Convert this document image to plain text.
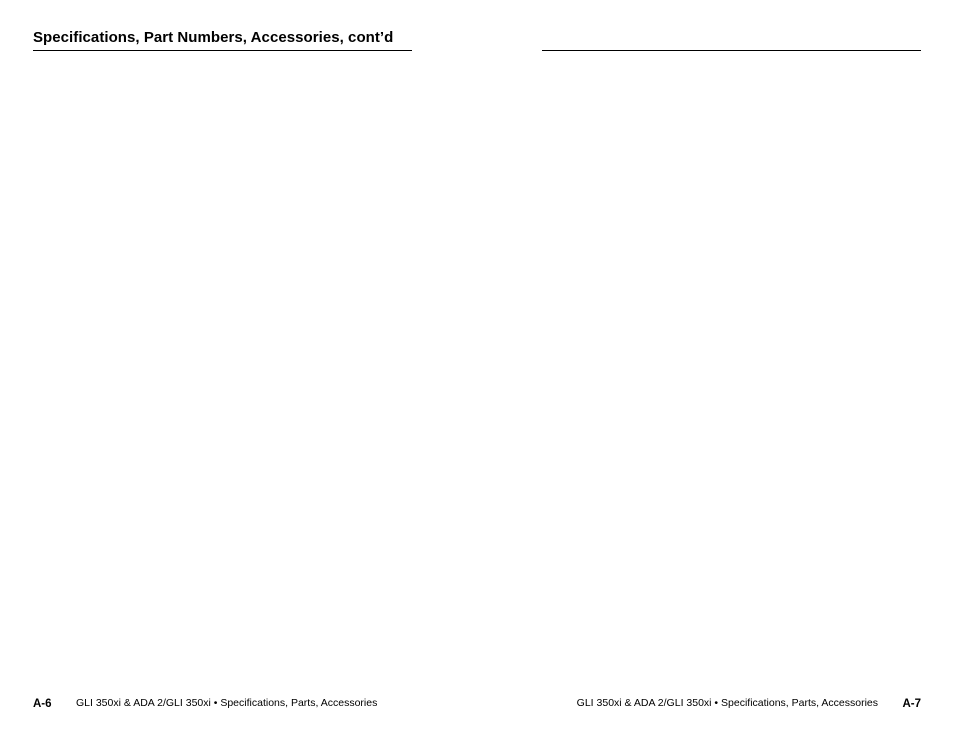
Specifications, Part Numbers, Accessories, cont’d
A-6 GLI 350xi & ADA 2/GLI 350xi • Specifications, Parts, Accessories	GLI 350xi & ADA 2/GLI 350xi • Specifications, Parts, Accessories A-7
